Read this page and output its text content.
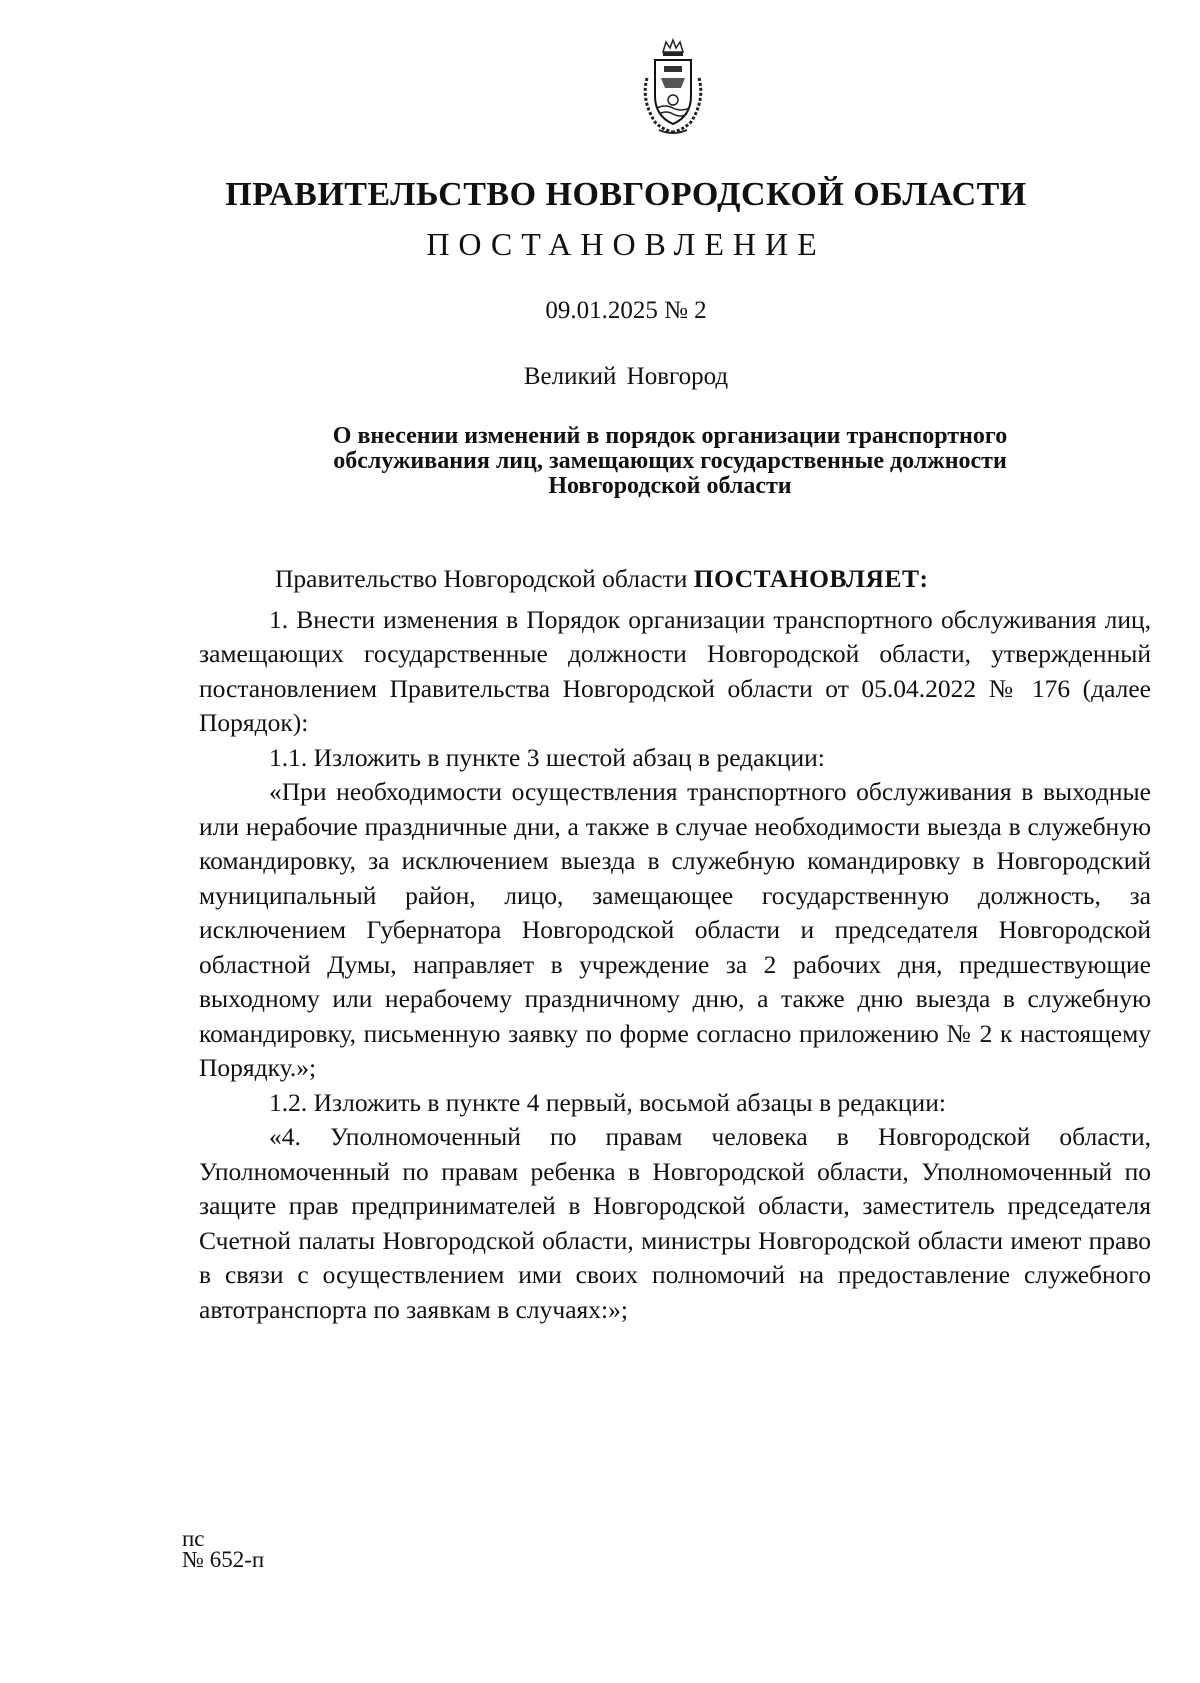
ПРАВИТЕЛЬСТВО НОВГОРОДСКОЙ ОБЛАСТИ
ПОСТАНОВЛЕНИЕ
09.01.2025 № 2
Великий Новгород
О внесении изменений в порядок организации транспортного
обслуживания лиц, замещающих государственные должности
Новгородской области

Правительство Новгородской области ПОСТАНОВЛЯЕТ:

1. Внести изменения в Порядок организации транспортного обслуживания лиц, замещающих государственные должности Новгородской области, утвержденный постановлением Правительства Новгородской области от 05.04.2022 № 176 (далее Порядок):

1.1. Изложить в пункте 3 шестой абзац в редакции:

«При необходимости осуществления транспортного обслуживания в выходные или нерабочие праздничные дни, а также в случае необходимости выезда в служебную командировку, за исключением выезда в служебную командировку в Новгородский муниципальный район, лицо, замещающее государственную должность, за исключением Губернатора Новгородской области и председателя Новгородской областной Думы, направляет в учреждение за 2 рабочих дня, предшествующие выходному или нерабочему праздничному дню, а также дню выезда в служебную командировку, письменную заявку по форме согласно приложению № 2 к настоящему Порядку.»;

1.2. Изложить в пункте 4 первый, восьмой абзацы в редакции:

«4. Уполномоченный по правам человека в Новгородской области, Уполномоченный по правам ребенка в Новгородской области, Уполномоченный по защите прав предпринимателей в Новгородской области, заместитель председателя Счетной палаты Новгородской области, министры Новгородской области имеют право в связи с осуществлением ими своих полномочий на предоставление служебного автотранспорта по заявкам в случаях:»;

пс
№ 652-п
